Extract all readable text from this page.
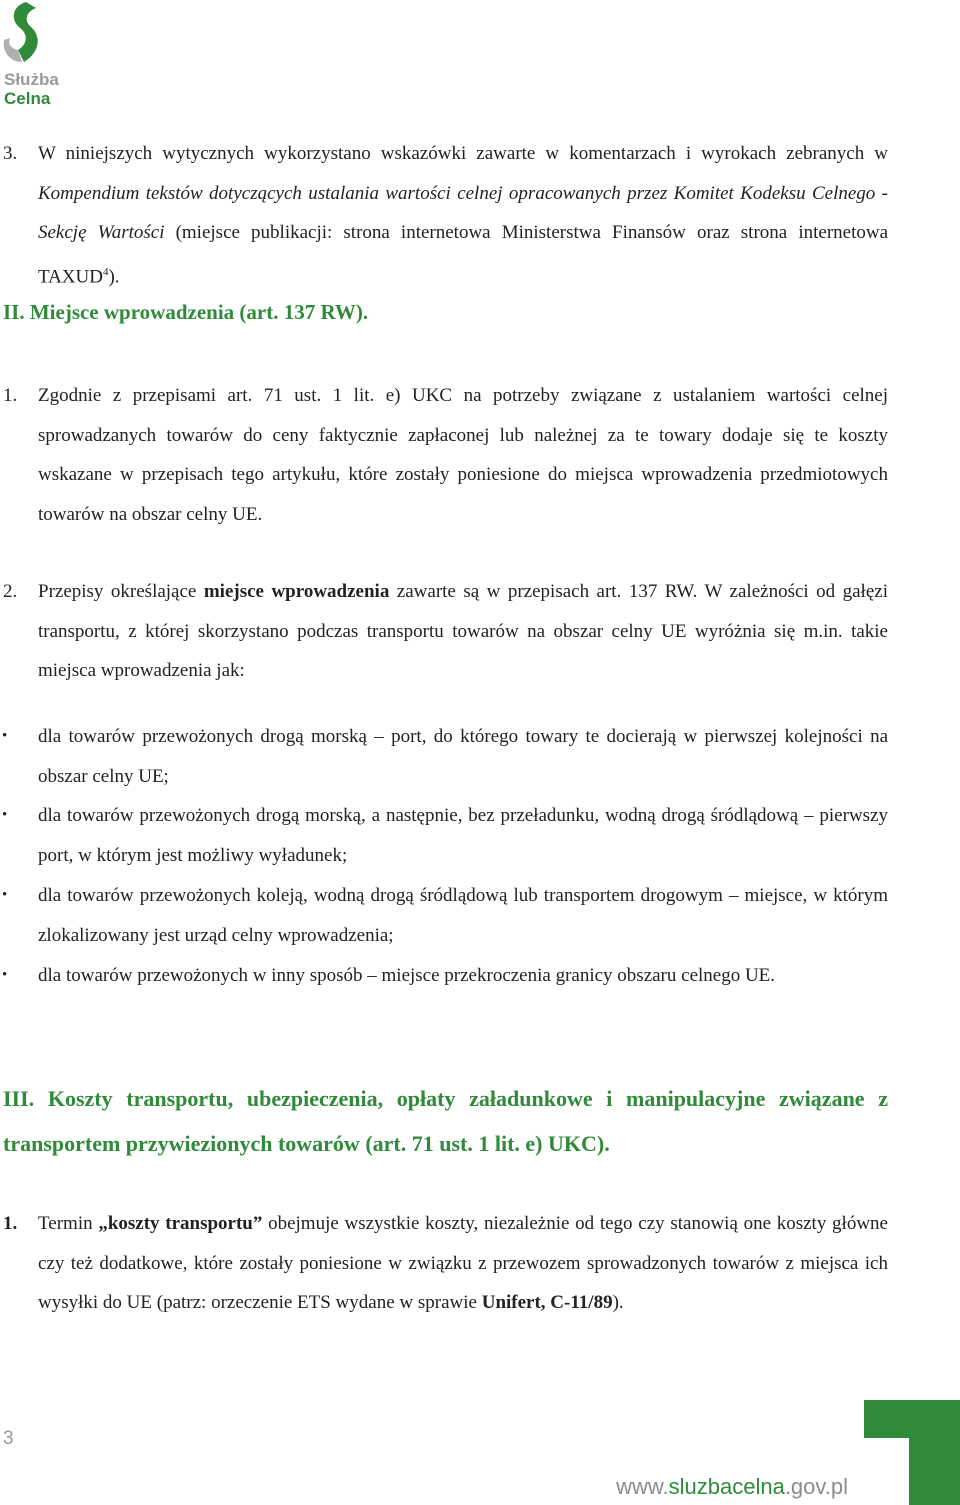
Służba
Celna
3. W niniejszych wytycznych wykorzystano wskazówki zawarte w komentarzach i wyrokach zebranych w Kompendium tekstów dotyczących ustalania wartości celnej opracowanych przez Komitet Kodeksu Celnego - Sekcję Wartości (miejsce publikacji: strona internetowa Ministerstwa Finansów oraz strona internetowa TAXUD$^4$).
II. Miejsce wprowadzenia (art. 137 RW).
1. Zgodnie z przepisami art. 71 ust. 1 lit. e) UKC na potrzeby związane z ustalaniem wartości celnej sprowadzanych towarów do ceny faktycznie zapłaconej lub należnej za te towary dodaje się te koszty wskazane w przepisach tego artykułu, które zostały poniesione do miejsca wprowadzenia przedmiotowych towarów na obszar celny UE.
2. Przepisy określające miejsce wprowadzenia zawarte są w przepisach art. 137 RW. W zależności od gałęzi transportu, z której skorzystano podczas transportu towarów na obszar celny UE wyróżnia się m.in. takie miejsca wprowadzenia jak:
• dla towarów przewożonych drogą morską – port, do którego towary te docierają w pierwszej kolejności na obszar celny UE;
• dla towarów przewożonych drogą morską, a następnie, bez przeładunku, wodną drogą śródlądową – pierwszy port, w którym jest możliwy wyładunek;
• dla towarów przewożonych koleją, wodną drogą śródlądową lub transportem drogowym – miejsce, w którym zlokalizowany jest urząd celny wprowadzenia;
• dla towarów przewożonych w inny sposób – miejsce przekroczenia granicy obszaru celnego UE.
III. Koszty transportu, ubezpieczenia, opłaty załadunkowe i manipulacyjne związane z transportem przywiezionych towarów (art. 71 ust. 1 lit. e) UKC).
1. Termin „koszty transportu” obejmuje wszystkie koszty, niezależnie od tego czy stanowią one koszty główne czy też dodatkowe, które zostały poniesione w związku z przewozem sprowadzonych towarów z miejsca ich wysyłki do UE (patrz: orzeczenie ETS wydane w sprawie Unifert, C-11/89).
3
www.sluzbacelna.gov.pl
